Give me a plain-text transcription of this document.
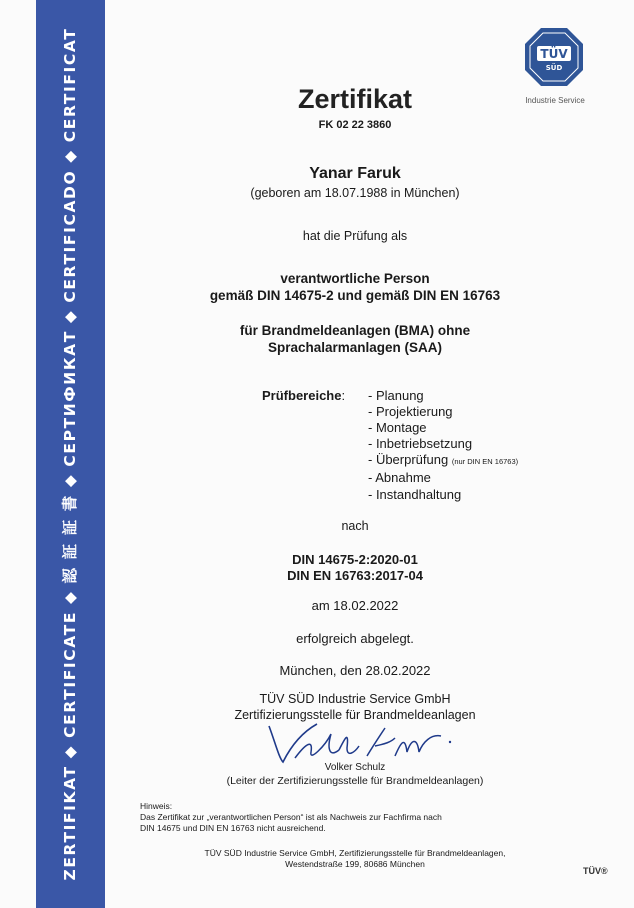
ZERTIFIKAT ◆ CERTIFICATE ◆ 認 証 証 書 ◆ СЕРТИФИКАТ ◆ CERTIFICADO ◆ CERTIFICAT	TÜV
SÜD
Industrie Service
Zertifikat
FK 02 22 3860
Yanar Faruk
(geboren am 18.07.1988 in München)
hat die Prüfung als
verantwortliche Person
gemäß DIN 14675-2 und gemäß DIN EN 16763
für Brandmeldeanlagen (BMA) ohne
Sprachalarmanlagen (SAA)
Prüfbereiche: - Planung
- Projektierung
- Montage
- Inbetriebsetzung
- Überprüfung (nur DIN EN 16763)
- Abnahme
- Instandhaltung
nach
DIN 14675-2:2020-01
DIN EN 16763:2017-04
am 18.02.2022
erfolgreich abgelegt.
München, den 28.02.2022
TÜV SÜD Industrie Service GmbH
Zertifizierungsstelle für Brandmeldeanlagen
Volker Schulz
(Leiter der Zertifizierungsstelle für Brandmeldeanlagen)
Hinweis:
Das Zertifikat zur „verantwortlichen Person“ ist als Nachweis zur Fachfirma nach
DIN 14675 und DIN EN 16763 nicht ausreichend.
TÜV SÜD Industrie Service GmbH, Zertifizierungsstelle für Brandmeldeanlagen,
Westendstraße 199, 80686 München
TÜV®
